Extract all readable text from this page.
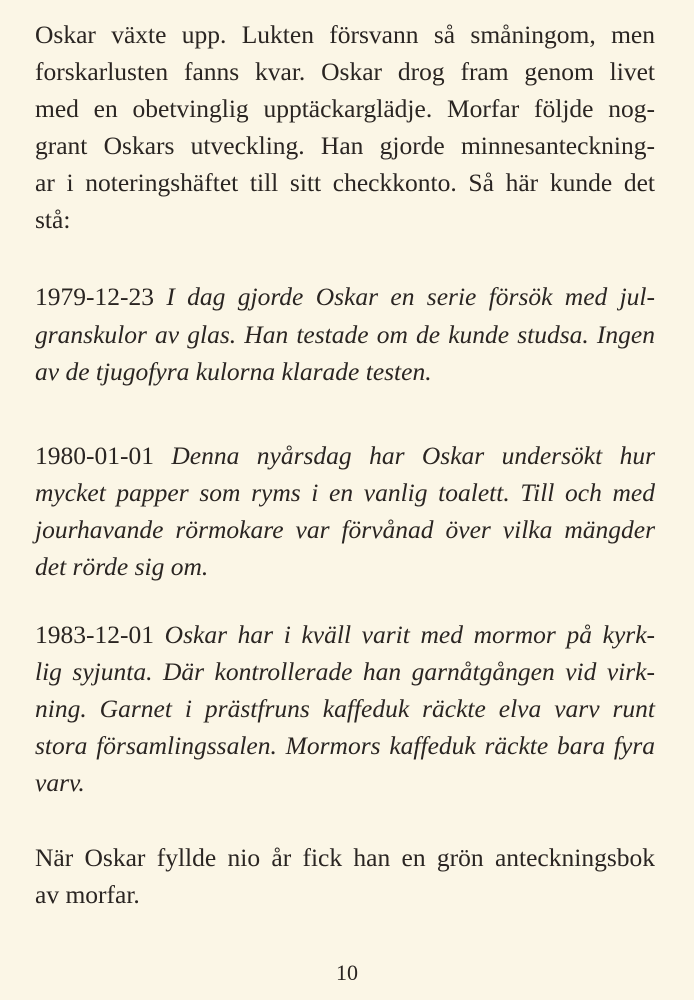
Oskar växte upp. Lukten försvann så småningom, men
forskarlusten fanns kvar. Oskar drog fram genom livet
med en obetvinglig upptäckarglädje. Morfar följde nog-
grant Oskars utveckling. Han gjorde minnesanteckning-
ar i noteringshäftet till sitt checkkonto. Så här kunde det
stå:
1979-12-23 I dag gjorde Oskar en serie försök med jul-
granskulor av glas. Han testade om de kunde studsa. Ingen
av de tjugofyra kulorna klarade testen.
1980-01-01 Denna nyårsdag har Oskar undersökt hur
mycket papper som ryms i en vanlig toalett. Till och med
jourhavande rörmokare var förvånad över vilka mängder
det rörde sig om.
1983-12-01 Oskar har i kväll varit med mormor på kyrk-
lig syjunta. Där kontrollerade han garnåtgången vid virk-
ning. Garnet i prästfruns kaffeduk räckte elva varv runt
stora församlingssalen. Mormors kaffeduk räckte bara fyra
varv.
När Oskar fyllde nio år fick han en grön anteckningsbok
av morfar.
10
